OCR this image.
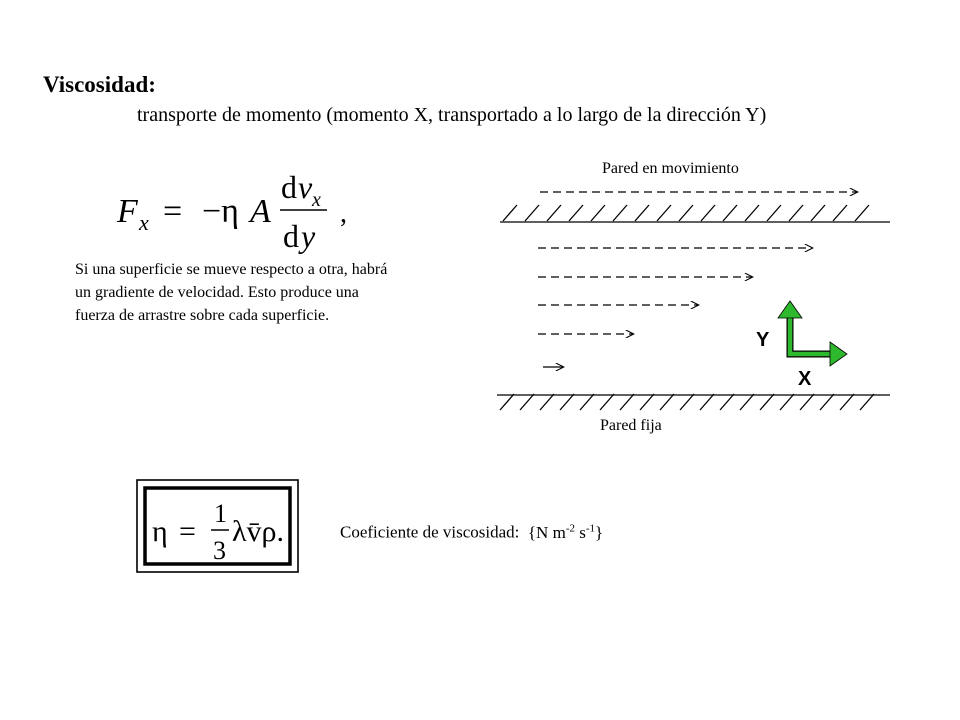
Viscosidad:
transporte de momento (momento X, transportado a lo largo de la dirección Y)
Si una superficie se mueve respecto a otra, habrá
un gradiente de velocidad. Esto produce una
fuerza de arrastre sobre cada superficie.
Pared en movimiento
Pared fija
Coeficiente de viscosidad: {N $m^{-2}$ $s^{-1}$}
F x = −η A
d v x
d y
,
Y
X
η =
1
3
λv̄ρ.
